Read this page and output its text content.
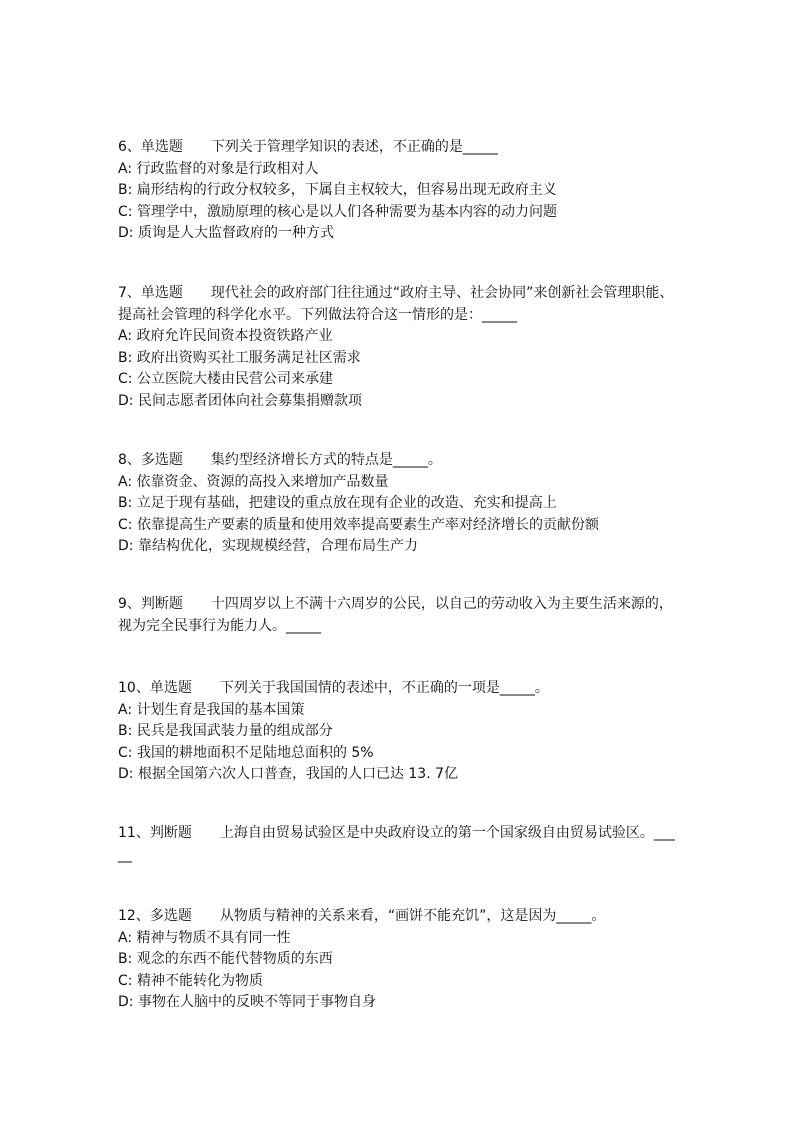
6、单选题 下列关于管理学知识的表述，不正确的是_____
A: 行政监督的对象是行政相对人
B: 扁形结构的行政分权较多，下属自主权较大，但容易出现无政府主义
C: 管理学中，激励原理的核心是以人们各种需要为基本内容的动力问题
D: 质询是人大监督政府的一种方式
7、单选题 现代社会的政府部门往往通过“政府主导、社会协同”来创新社会管理职能、提高社会管理的科学化水平。下列做法符合这一情形的是：_____
A: 政府允许民间资本投资铁路产业
B: 政府出资购买社工服务满足社区需求
C: 公立医院大楼由民营公司来承建
D: 民间志愿者团体向社会募集捐赠款项
8、多选题 集约型经济增长方式的特点是_____。
A: 依靠资金、资源的高投入来增加产品数量
B: 立足于现有基础，把建设的重点放在现有企业的改造、充实和提高上
C: 依靠提高生产要素的质量和使用效率提高要素生产率对经济增长的贡献份额
D: 靠结构优化，实现规模经营，合理布局生产力
9、判断题 十四周岁以上不满十六周岁的公民，以自己的劳动收入为主要生活来源的，视为完全民事行为能力人。_____
10、单选题 下列关于我国国情的表述中，不正确的一项是_____。
A: 计划生育是我国的基本国策
B: 民兵是我国武装力量的组成部分
C: 我国的耕地面积不足陆地总面积的 5%
D: 根据全国第六次人口普查，我国的人口已达 13. 7亿
11、判断题 上海自由贸易试验区是中央政府设立的第一个国家级自由贸易试验区。_____
12、多选题 从物质与精神的关系来看，“画饼不能充饥”，这是因为_____。
A: 精神与物质不具有同一性
B: 观念的东西不能代替物质的东西
C: 精神不能转化为物质
D: 事物在人脑中的反映不等同于事物自身
